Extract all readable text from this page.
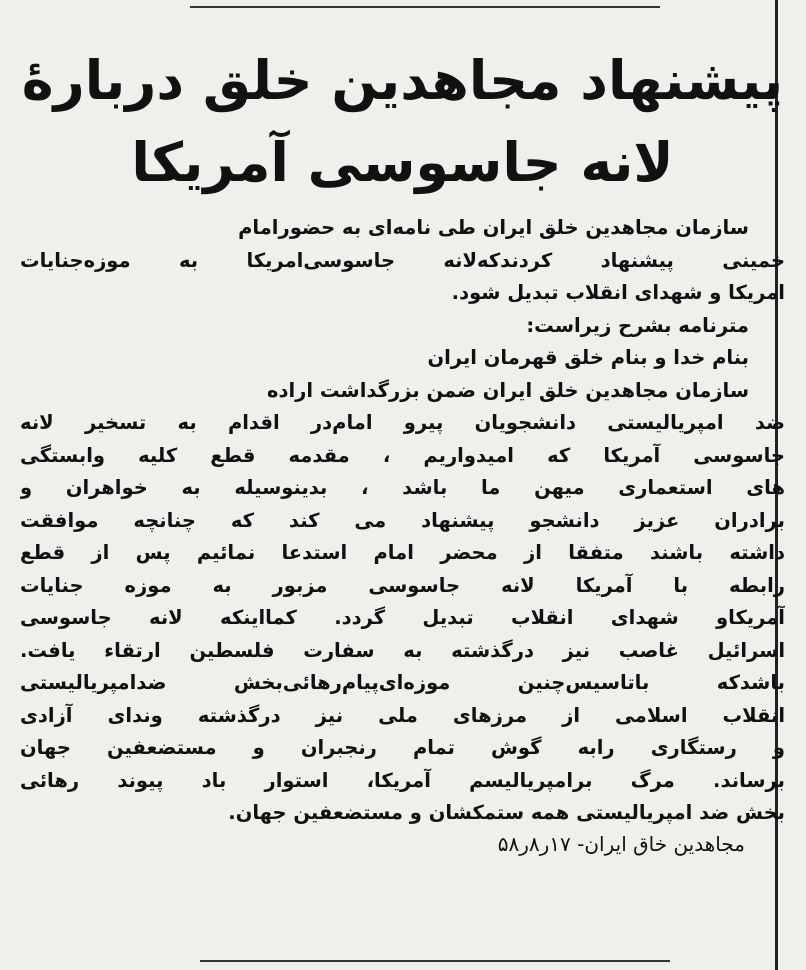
پیشنهاد مجاهدین خلق دربارهٔ
لانه جاسوسی آمریکا
سازمان مجاهدین خلق ایران طی نامه‌ای به حضورامام
خمینی پیشنهاد کردندکه‌لانه جاسوسی‌امریکا به موزه‌جنایات
امریکا و شهدای انقلاب تبدیل شود.
مترنامه بشرح زیراست:
بنام خدا و بنام خلق قهرمان ایران
سازمان مجاهدین خلق ایران ضمن بزرگداشت اراده
ضد امپریالیستی دانشجویان پیرو امام‌در اقدام به تسخیر لانه
جاسوسی آمریکا که امیدواریم ، مقدمه قطع کلیه وابستگی
های استعماری میهن ما باشد ، بدینوسیله به خواهران و
برادران عزیز دانشجو پیشنهاد می کند که چنانچه موافقت
داشته باشند متفقا از محضر امام استدعا نمائیم پس از قطع
رابطه با آمریکا لانه جاسوسی مزبور به موزه جنایات
آمریکاو شهدای انقلاب تبدیل گردد. کمااینکه لانه جاسوسی
اسرائیل غاصب نیز درگذشته به سفارت فلسطین ارتقاء یافت.
باشدکه باتاسیس‌چنین موزه‌ای‌پیام‌رهائی‌بخش ضدامپریالیستی
انقلاب اسلامی از مرزهای ملی نیز درگذشته وندای آزادی
و رستگاری رابه گوش تمام رنجبران و مستضعفین جهان
برساند. مرگ برامپریالیسم آمریکا، استوار باد پیوند رهائی
بخش ضد امپریالیستی همه ستمکشان و مستضعفین جهان.
مجاهدین خاق ایران- ۱۷ر۸ر۵۸
